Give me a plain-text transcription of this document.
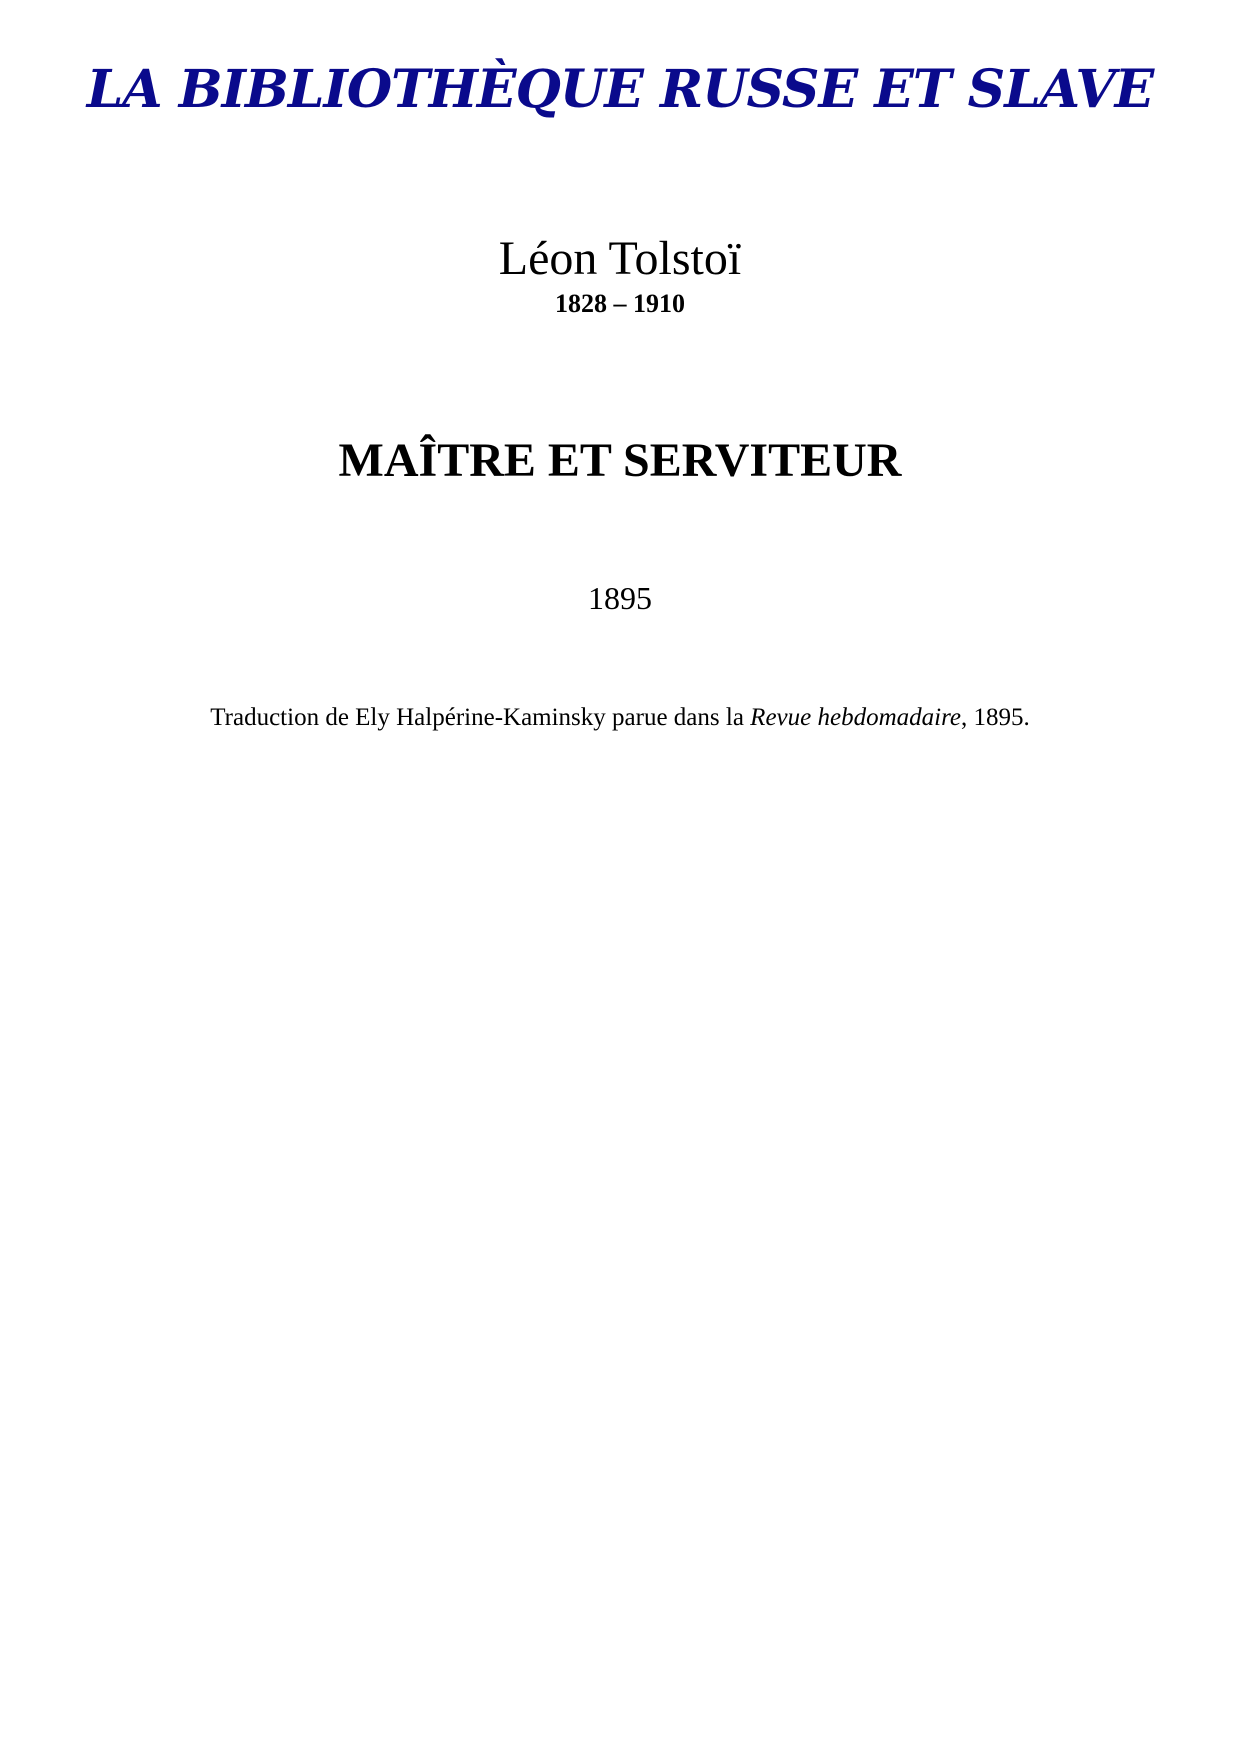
LA BIBLIOTHÈQUE RUSSE ET SLAVE
Léon Tolstoï
1828 – 1910
MAÎTRE ET SERVITEUR
1895
Traduction de Ely Halpérine-Kaminsky parue dans la Revue hebdomadaire, 1895.
